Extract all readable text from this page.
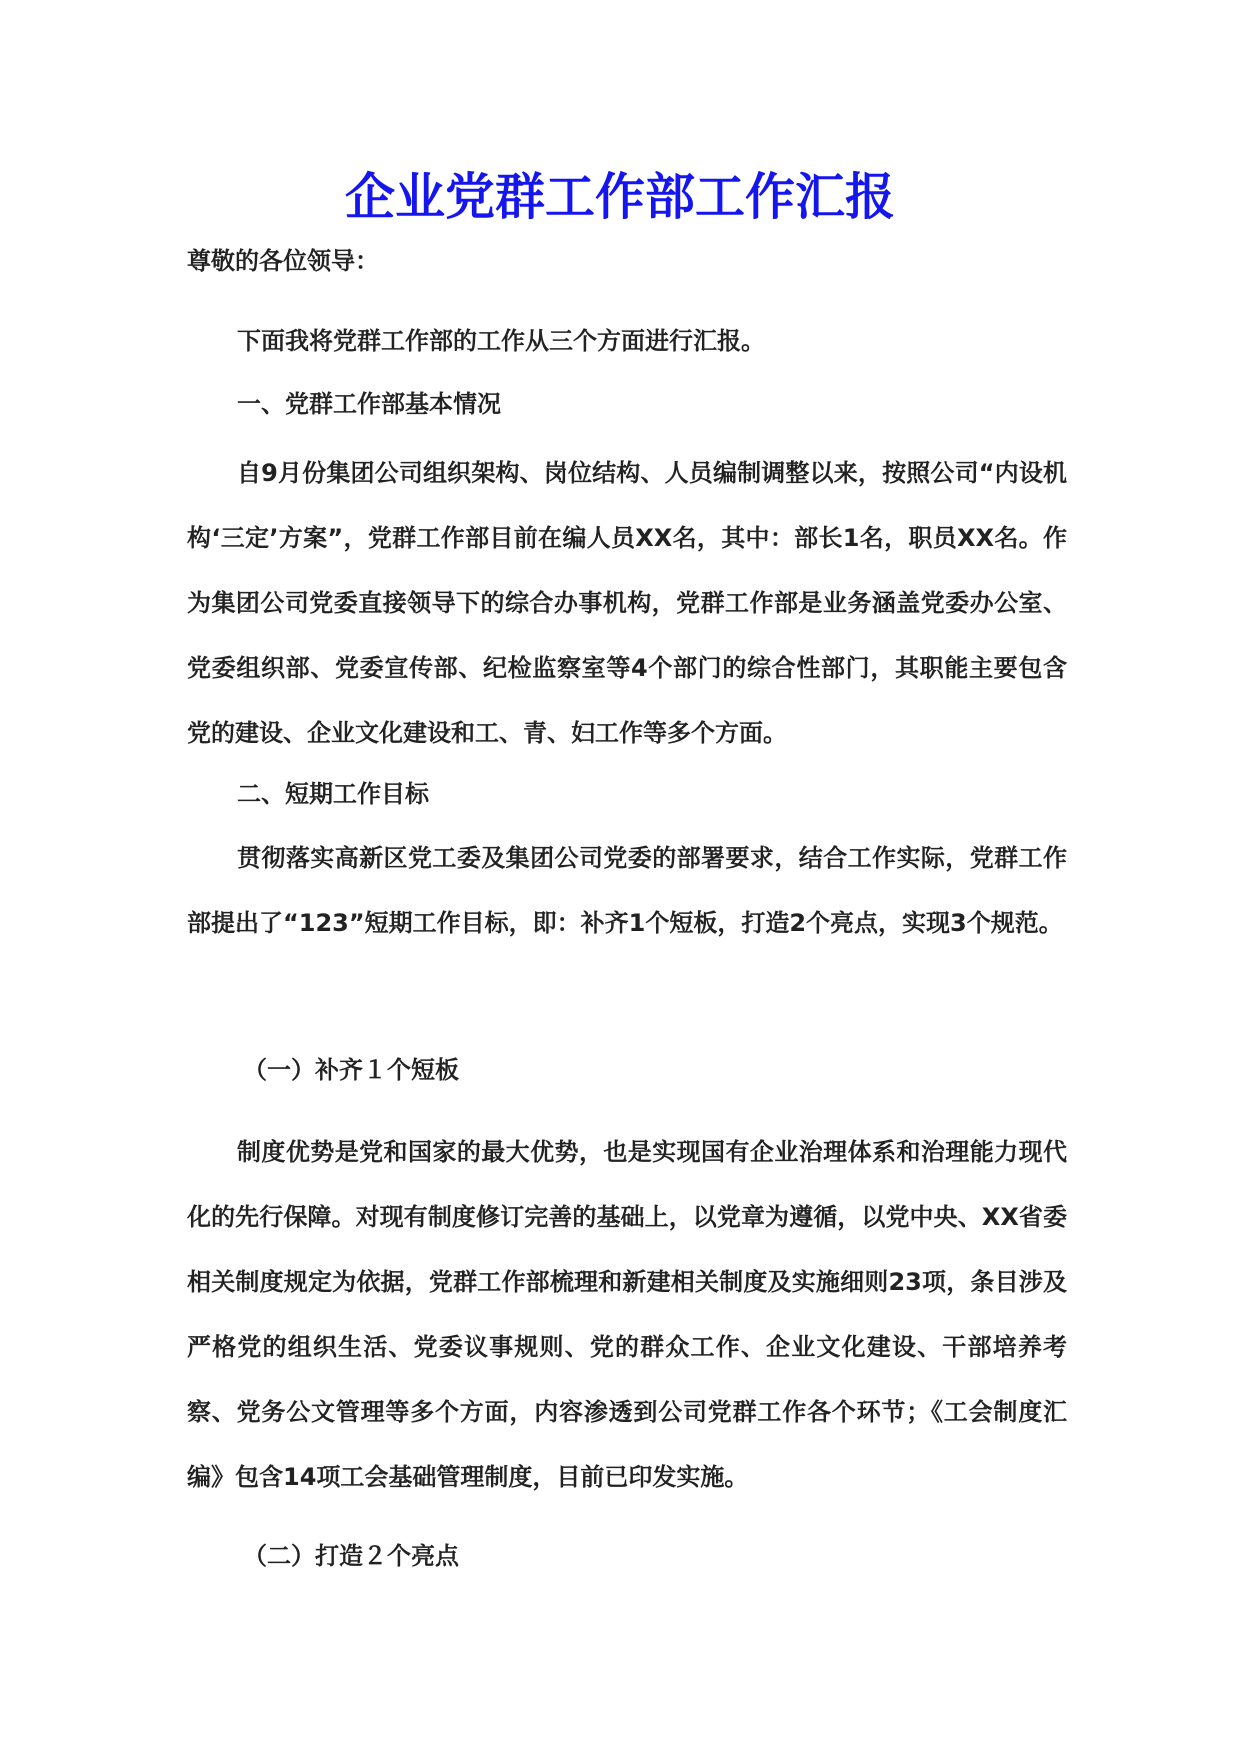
企业党群工作部工作汇报

尊敬的各位领导：

下面我将党群工作部的工作从三个方面进行汇报。

一、党群工作部基本情况

自9月份集团公司组织架构、岗位结构、人员编制调整以来，按照公司“内设机构‘三定’方案”，党群工作部目前在编人员XX名，其中：部长1名，职员XX名。作为集团公司党委直接领导下的综合办事机构，党群工作部是业务涵盖党委办公室、党委组织部、党委宣传部、纪检监察室等4个部门的综合性部门，其职能主要包含党的建设、企业文化建设和工、青、妇工作等多个方面。

二、短期工作目标

贯彻落实高新区党工委及集团公司党委的部署要求，结合工作实际，党群工作部提出了“123”短期工作目标，即：补齐1个短板，打造2个亮点，实现3个规范。

（一）补齐１个短板

制度优势是党和国家的最大优势，也是实现国有企业治理体系和治理能力现代化的先行保障。对现有制度修订完善的基础上，以党章为遵循，以党中央、XX省委相关制度规定为依据，党群工作部梳理和新建相关制度及实施细则23项，条目涉及严格党的组织生活、党委议事规则、党的群众工作、企业文化建设、干部培养考察、党务公文管理等多个方面，内容渗透到公司党群工作各个环节；《工会制度汇编》包含14项工会基础管理制度，目前已印发实施。

（二）打造２个亮点
